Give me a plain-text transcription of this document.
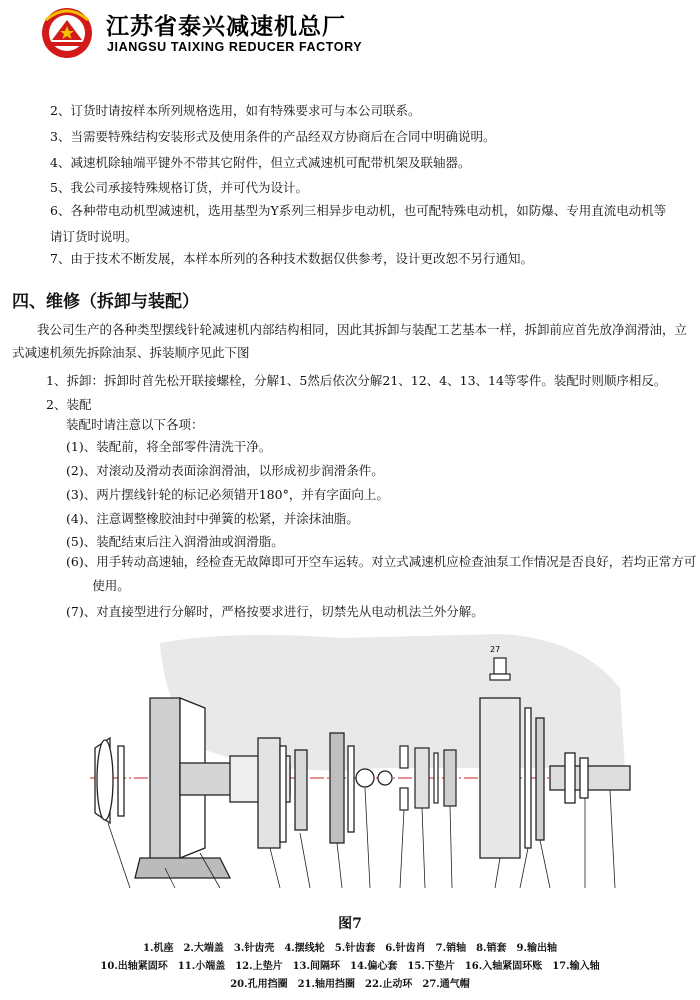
江苏省泰兴减速机总厂
JIANGSU TAIXING REDUCER FACTORY
2、订货时请按样本所列规格选用，如有特殊要求可与本公司联系。
3、当需要特殊结构安装形式及使用条件的产品经双方协商后在合同中明确说明。
4、减速机除轴端平键外不带其它附件，但立式减速机可配带机架及联轴器。
5、我公司承接特殊规格订货，并可代为设计。
6、各种带电动机型减速机，选用基型为Y系列三相异步电动机，也可配特殊电动机，如防爆、专用直流电动机等请订货时说明。
7、由于技术不断发展，本样本所列的各种技术数据仅供参考，设计更改恕不另行通知。
四、维修（拆卸与装配）
我公司生产的各种类型摆线针轮减速机内部结构相同，因此其拆卸与装配工艺基本一样，拆卸前应首先放净润滑油，立式减速机须先拆除油泵、拆装顺序见此下图
1、拆卸：拆卸时首先松开联接螺栓，分解1、5然后依次分解21、12、4、13、14等零件。装配时则顺序相反。
2、装配
装配时请注意以下各项：
(1)、装配前，将全部零件清洗干净。
(2)、对滚动及滑动表面涂润滑油，以形成初步润滑条件。
(3)、两片摆线针轮的标记必须错开180°，并有字面向上。
(4)、注意调整橡胶油封中弹簧的松紧，并涂抹油脂。
(5)、装配结束后注入润滑油或润滑脂。
(6)、用手转动高速轴，经检查无故障即可开空车运转。对立式减速机应检查油泵工作情况是否良好，若均正常方可使用。
(7)、对直接型进行分解时，严格按要求进行，切禁先从电动机法兰外分解。
27
图7
1.机座　2.大端盖　3.针齿壳　4.摆线轮　5.针齿套　6.针齿肖　7.销轴　8.销套　9.输出轴
10.出轴紧固环　11.小端盖　12.上垫片　13.间隔环　14.偏心套　15.下垫片　16.入轴紧固环账　17.输入轴
20.孔用挡圈　21.轴用挡圈　22.止动环　27.通气帽
